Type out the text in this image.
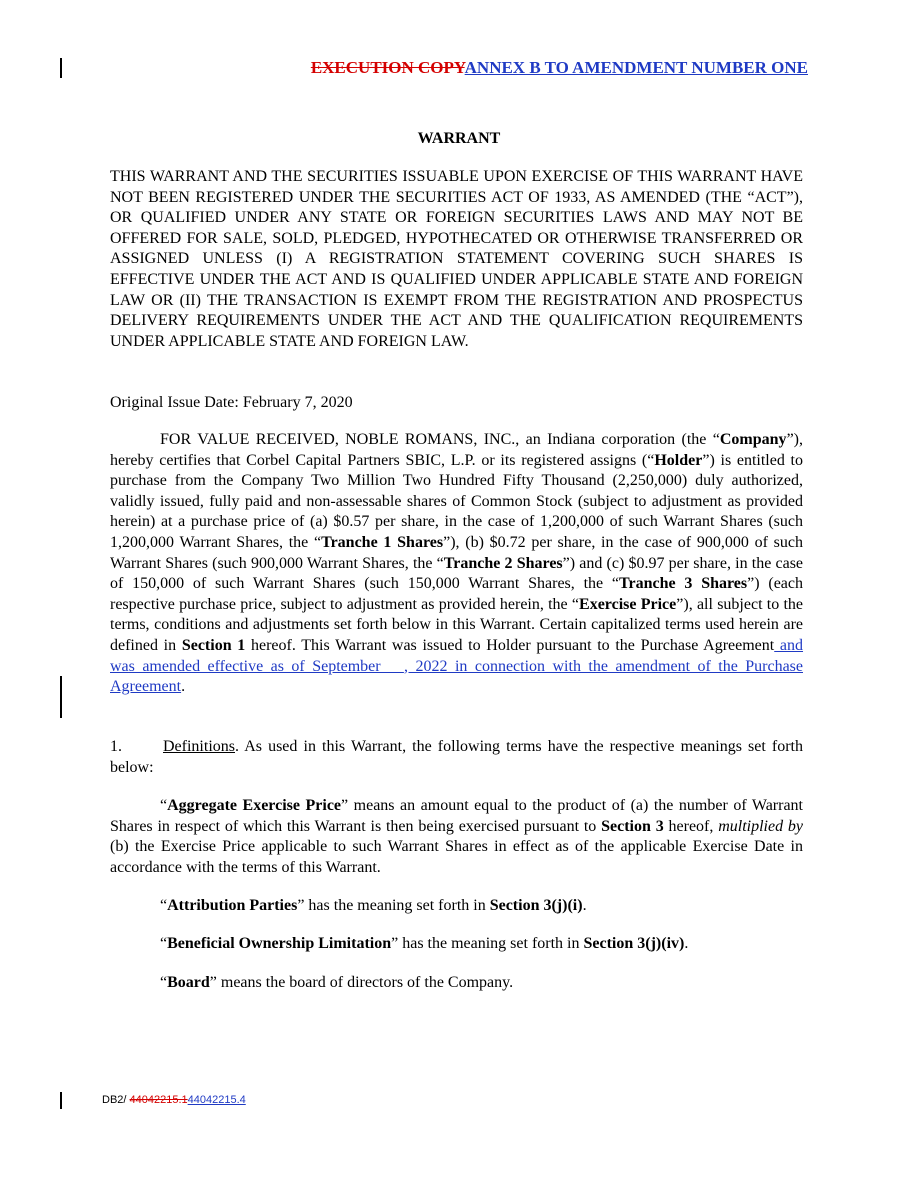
EXECUTION COPYANNEX B TO AMENDMENT NUMBER ONE
WARRANT
THIS WARRANT AND THE SECURITIES ISSUABLE UPON EXERCISE OF THIS WARRANT HAVE NOT BEEN REGISTERED UNDER THE SECURITIES ACT OF 1933, AS AMENDED (THE “ACT”), OR QUALIFIED UNDER ANY STATE OR FOREIGN SECURITIES LAWS AND MAY NOT BE OFFERED FOR SALE, SOLD, PLEDGED, HYPOTHECATED OR OTHERWISE TRANSFERRED OR ASSIGNED UNLESS (I) A REGISTRATION STATEMENT COVERING SUCH SHARES IS EFFECTIVE UNDER THE ACT AND IS QUALIFIED UNDER APPLICABLE STATE AND FOREIGN LAW OR (II) THE TRANSACTION IS EXEMPT FROM THE REGISTRATION AND PROSPECTUS DELIVERY REQUIREMENTS UNDER THE ACT AND THE QUALIFICATION REQUIREMENTS UNDER APPLICABLE STATE AND FOREIGN LAW.
Original Issue Date: February 7, 2020
FOR VALUE RECEIVED, NOBLE ROMANS, INC., an Indiana corporation (the “Company”), hereby certifies that Corbel Capital Partners SBIC, L.P. or its registered assigns (“Holder”) is entitled to purchase from the Company Two Million Two Hundred Fifty Thousand (2,250,000) duly authorized, validly issued, fully paid and non-assessable shares of Common Stock (subject to adjustment as provided herein) at a purchase price of (a) $0.57 per share, in the case of 1,200,000 of such Warrant Shares (such 1,200,000 Warrant Shares, the “Tranche 1 Shares”), (b) $0.72 per share, in the case of 900,000 of such Warrant Shares (such 900,000 Warrant Shares, the “Tranche 2 Shares”) and (c) $0.97 per share, in the case of 150,000 of such Warrant Shares (such 150,000 Warrant Shares, the “Tranche 3 Shares”) (each respective purchase price, subject to adjustment as provided herein, the “Exercise Price”), all subject to the terms, conditions and adjustments set forth below in this Warrant. Certain capitalized terms used herein are defined in Section 1 hereof. This Warrant was issued to Holder pursuant to the Purchase Agreement and was amended effective as of September __, 2022 in connection with the amendment of the Purchase Agreement.
1.	Definitions. As used in this Warrant, the following terms have the respective meanings set forth below:
“Aggregate Exercise Price” means an amount equal to the product of (a) the number of Warrant Shares in respect of which this Warrant is then being exercised pursuant to Section 3 hereof, multiplied by (b) the Exercise Price applicable to such Warrant Shares in effect as of the applicable Exercise Date in accordance with the terms of this Warrant.
“Attribution Parties” has the meaning set forth in Section 3(j)(i).
“Beneficial Ownership Limitation” has the meaning set forth in Section 3(j)(iv).
“Board” means the board of directors of the Company.
DB2/ 44042215.144042215.4
